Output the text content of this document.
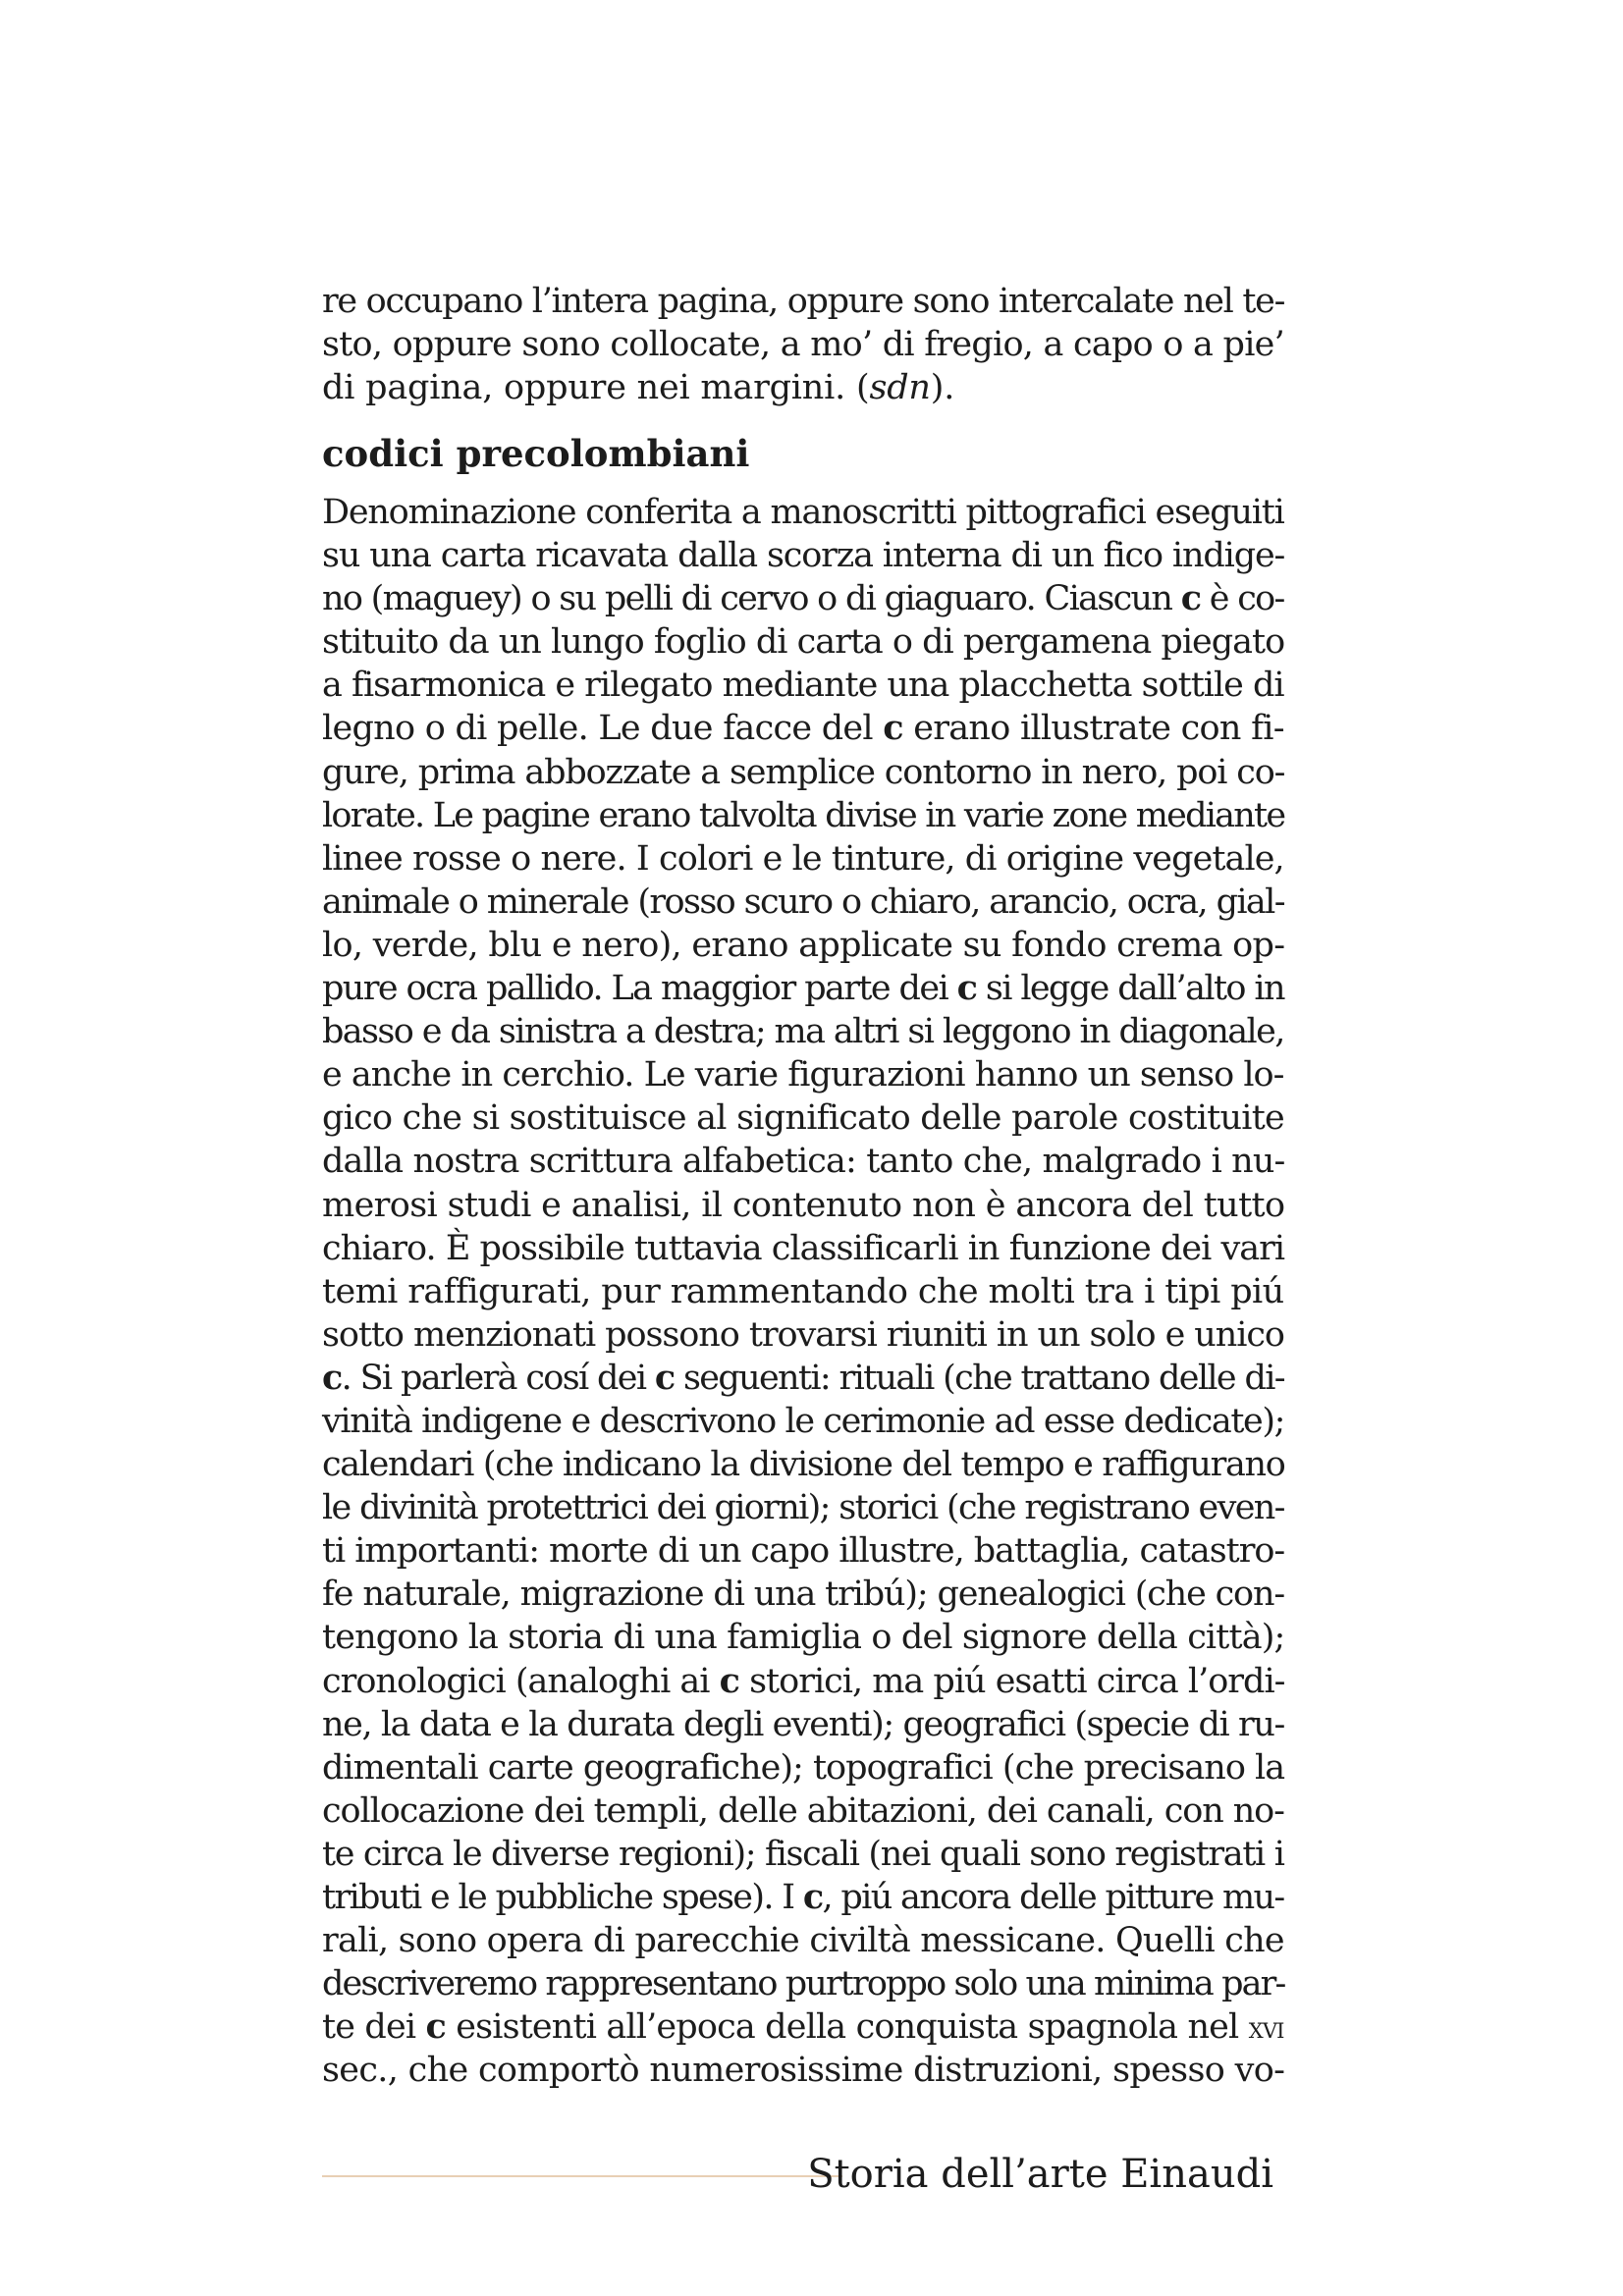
re occupano l’intera pagina, oppure sono intercalate nel te-
sto, oppure sono collocate, a mo’ di fregio, a capo o a pie’
di pagina, oppure nei margini. (sdn).
codici precolombiani
Denominazione conferita a manoscritti pittografici eseguiti
su una carta ricavata dalla scorza interna di un fico indige-
no (maguey) o su pelli di cervo o di giaguaro. Ciascun c è co-
stituito da un lungo foglio di carta o di pergamena piegato
a fisarmonica e rilegato mediante una placchetta sottile di
legno o di pelle. Le due facce del c erano illustrate con fi-
gure, prima abbozzate a semplice contorno in nero, poi co-
lorate. Le pagine erano talvolta divise in varie zone mediante
linee rosse o nere. I colori e le tinture, di origine vegetale,
animale o minerale (rosso scuro o chiaro, arancio, ocra, gial-
lo, verde, blu e nero), erano applicate su fondo crema op-
pure ocra pallido. La maggior parte dei c si legge dall’alto in
basso e da sinistra a destra; ma altri si leggono in diagonale,
e anche in cerchio. Le varie figurazioni hanno un senso lo-
gico che si sostituisce al significato delle parole costituite
dalla nostra scrittura alfabetica: tanto che, malgrado i nu-
merosi studi e analisi, il contenuto non è ancora del tutto
chiaro. È possibile tuttavia classificarli in funzione dei vari
temi raffigurati, pur rammentando che molti tra i tipi piú
sotto menzionati possono trovarsi riuniti in un solo e unico
c. Si parlerà cosí dei c seguenti: rituali (che trattano delle di-
vinità indigene e descrivono le cerimonie ad esse dedicate);
calendari (che indicano la divisione del tempo e raffigurano
le divinità protettrici dei giorni); storici (che registrano even-
ti importanti: morte di un capo illustre, battaglia, catastro-
fe naturale, migrazione di una tribú); genealogici (che con-
tengono la storia di una famiglia o del signore della città);
cronologici (analoghi ai c storici, ma piú esatti circa l’ordi-
ne, la data e la durata degli eventi); geografici (specie di ru-
dimentali carte geografiche); topografici (che precisano la
collocazione dei templi, delle abitazioni, dei canali, con no-
te circa le diverse regioni); fiscali (nei quali sono registrati i
tributi e le pubbliche spese). I c, piú ancora delle pitture mu-
rali, sono opera di parecchie civiltà messicane. Quelli che
descriveremo rappresentano purtroppo solo una minima par-
te dei c esistenti all’epoca della conquista spagnola nel xvi
sec., che comportò numerosissime distruzioni, spesso vo-
Storia dell’arte Einaudi
